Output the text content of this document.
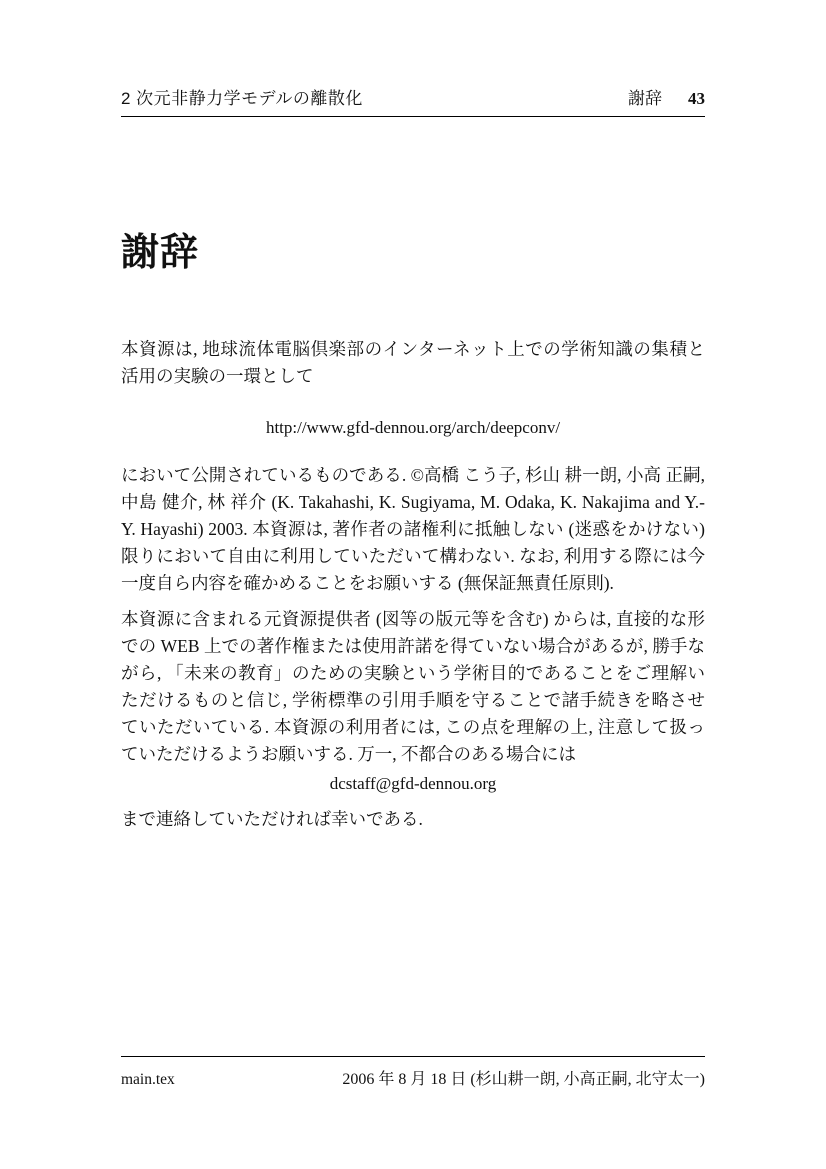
2 次元非静力学モデルの離散化	謝辞 43
謝辞

本資源は, 地球流体電脳倶楽部のインターネット上での学術知識の集積と活用の実験の一環として

http://www.gfd-dennou.org/arch/deepconv/

において公開されているものである. ©高橋 こう子, 杉山 耕一朗, 小高 正嗣, 中島 健介, 林 祥介 (K. Takahashi, K. Sugiyama, M. Odaka, K. Nakajima and Y.-Y. Hayashi) 2003. 本資源は, 著作者の諸権利に抵触しない (迷惑をかけない) 限りにおいて自由に利用していただいて構わない. なお, 利用する際には今一度自ら内容を確かめることをお願いする (無保証無責任原則).

本資源に含まれる元資源提供者 (図等の版元等を含む) からは, 直接的な形での WEB 上での著作権または使用許諾を得ていない場合があるが, 勝手ながら, 「未来の教育」のための実験という学術目的であることをご理解いただけるものと信じ, 学術標準の引用手順を守ることで諸手続きを略させていただいている. 本資源の利用者には, この点を理解の上, 注意して扱っていただけるようお願いする. 万一, 不都合のある場合には

dcstaff@gfd-dennou.org

まで連絡していただければ幸いである.

main.tex	2006 年 8 月 18 日 (杉山耕一朗, 小高正嗣, 北守太一)
